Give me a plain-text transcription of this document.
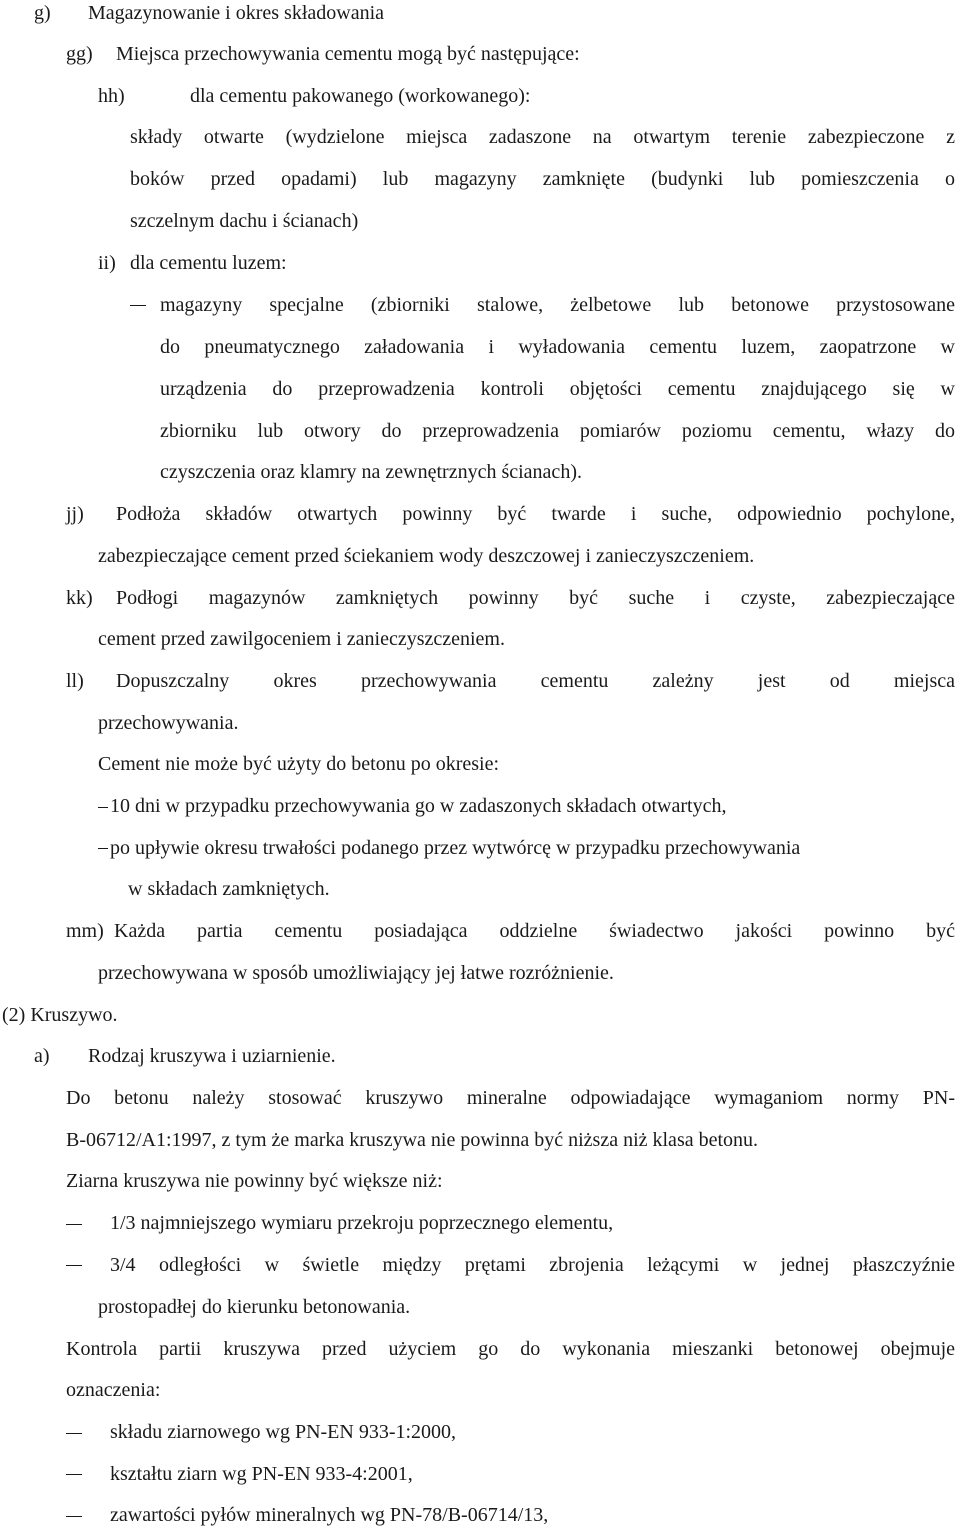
g) Magazynowanie i okres składowania
gg) Miejsca przechowywania cementu mogą być następujące:
hh)	dla cementu pakowanego (workowanego):
składy otwarte (wydzielone miejsca zadaszone na otwartym terenie zabezpieczone z
boków przed opadami) lub magazyny zamknięte (budynki lub pomieszczenia o
szczelnym dachu i ścianach)
ii) dla cementu luzem:
magazyny specjalne (zbiorniki stalowe, żelbetowe lub betonowe przystosowane
do pneumatycznego załadowania i wyładowania cementu luzem, zaopatrzone w
urządzenia do przeprowadzenia kontroli objętości cementu znajdującego się w
zbiorniku lub otwory do przeprowadzenia pomiarów poziomu cementu, włazy do
czyszczenia oraz klamry na zewnętrznych ścianach).
jj) Podłoża składów otwartych powinny być twarde i suche, odpowiednio pochylone,
zabezpieczające cement przed ściekaniem wody deszczowej i zanieczyszczeniem.
kk) Podłogi magazynów zamkniętych powinny być suche i czyste, zabezpieczające
cement przed zawilgoceniem i zanieczyszczeniem.
ll) Dopuszczalny okres przechowywania cementu zależny jest od miejsca
przechowywania.
Cement nie może być użyty do betonu po okresie:
10 dni w przypadku przechowywania go w zadaszonych składach otwartych,
po upływie okresu trwałości podanego przez wytwórcę w przypadku przechowywania
w składach zamkniętych.
mm) Każda partia cementu posiadająca oddzielne świadectwo jakości powinno być
przechowywana w sposób umożliwiający jej łatwe rozróżnienie.
(2) Kruszywo.
a) Rodzaj kruszywa i uziarnienie.
Do betonu należy stosować kruszywo mineralne odpowiadające wymaganiom normy PN-
B-06712/A1:1997, z tym że marka kruszywa nie powinna być niższa niż klasa betonu.
Ziarna kruszywa nie powinny być większe niż:
1/3 najmniejszego wymiaru przekroju poprzecznego elementu,
3/4 odległości w świetle między prętami zbrojenia leżącymi w jednej płaszczyźnie
prostopadłej do kierunku betonowania.
Kontrola partii kruszywa przed użyciem go do wykonania mieszanki betonowej obejmuje
oznaczenia:
składu ziarnowego wg PN-EN 933-1:2000,
kształtu ziarn wg PN-EN 933-4:2001,
zawartości pyłów mineralnych wg PN-78/B-06714/13,
